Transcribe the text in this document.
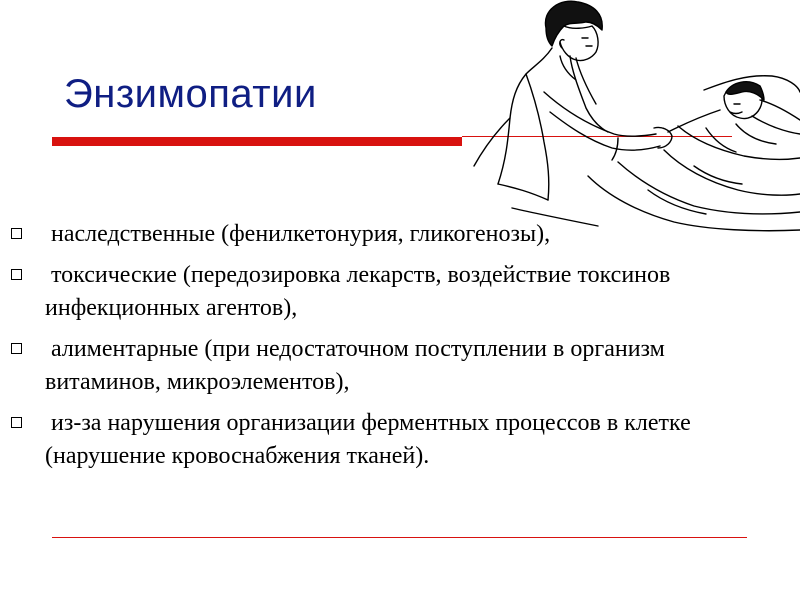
Энзимопатии
наследственные (фенилкетонурия, гликогенозы),
токсические (передозировка лекарств, воздействие токсинов инфекционных агентов),
алиментарные (при недостаточном поступлении в организм витаминов, микроэлементов),
из-за нарушения организации ферментных процессов в клетке (нарушение кровоснабжения тканей).
